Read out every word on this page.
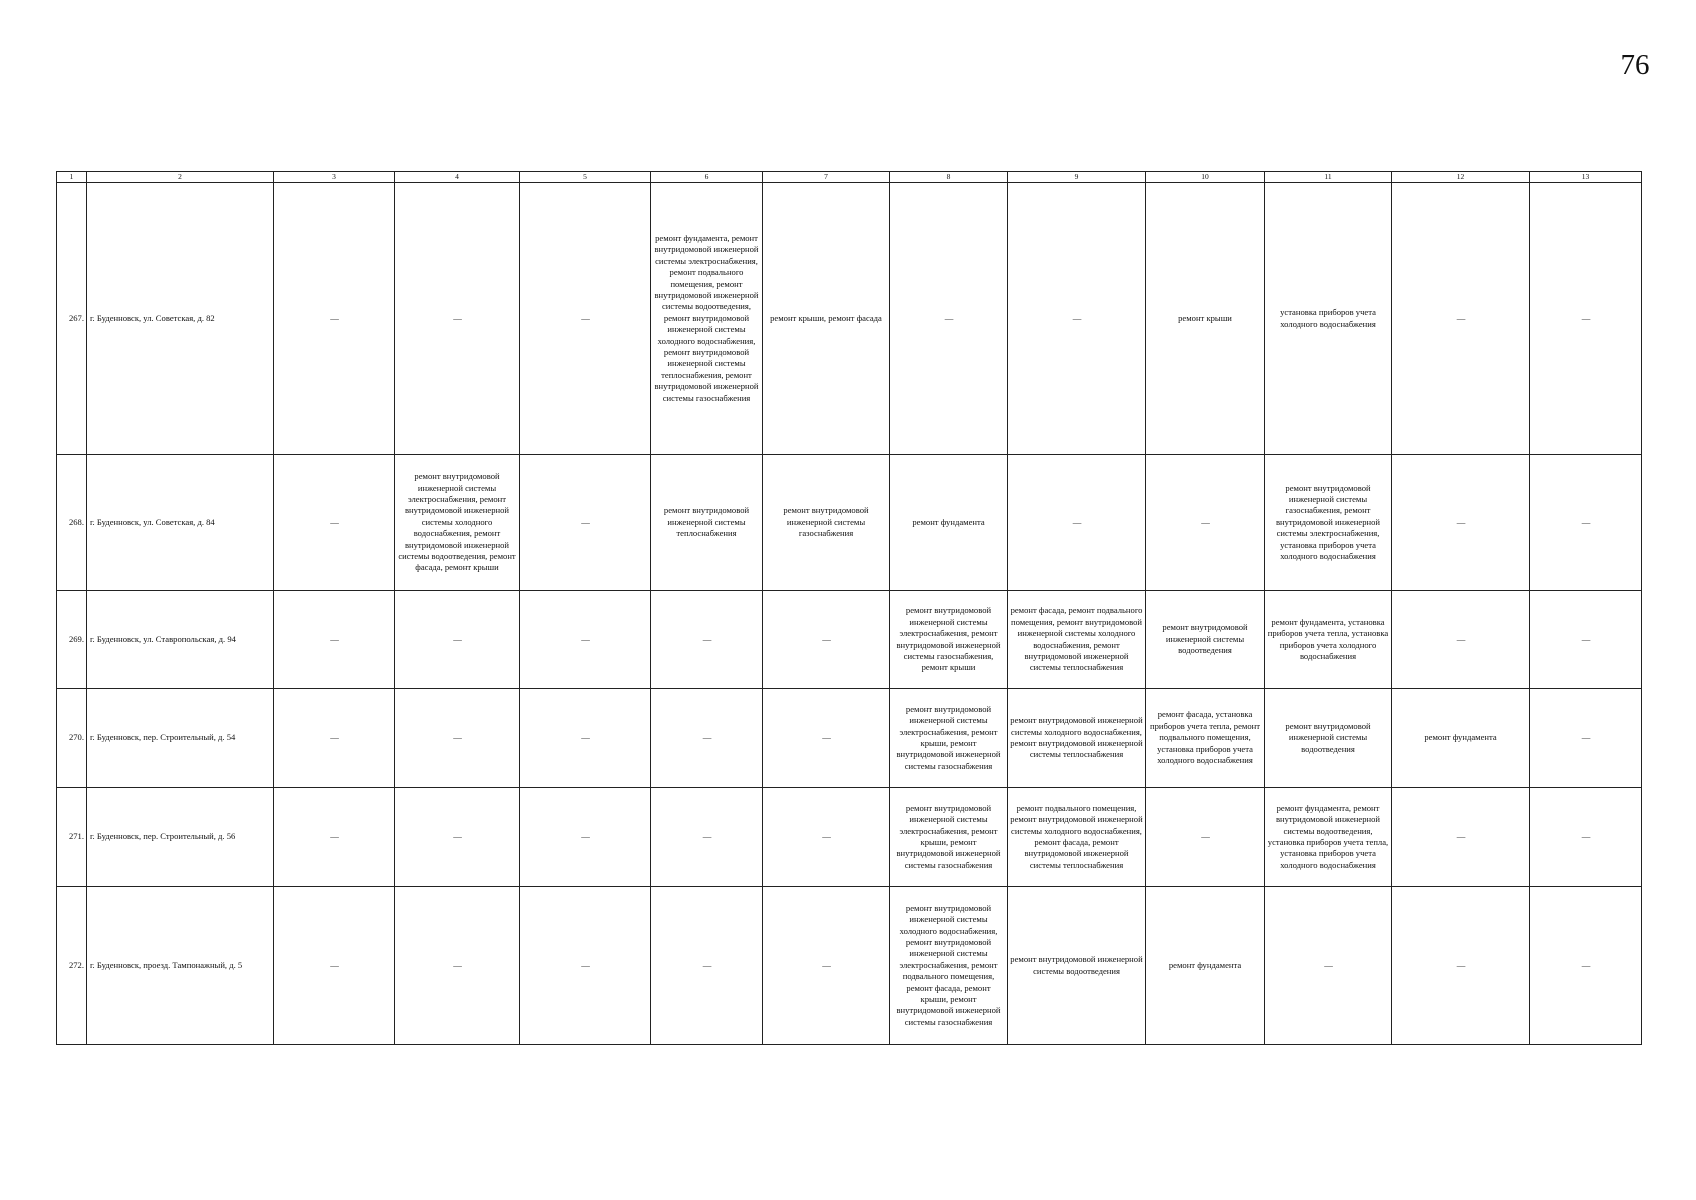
76
1	2	3	4	5	6	7	8	9	10	11	12	13
267.	г. Буденновск, ул. Советская, д. 82	—	—	—	ремонт фундамента, ремонт внутридомовой инженерной системы электроснабжения, ремонт подвального помещения, ремонт внутридомовой инженерной системы водоотведения, ремонт внутридомовой инженерной системы холодного водоснабжения, ремонт внутридомовой инженерной системы теплоснабжения, ремонт внутридомовой инженерной системы газоснабжения	ремонт крыши, ремонт фасада	—	—	ремонт крыши	установка приборов учета холодного водоснабжения	—	—
268.	г. Буденновск, ул. Советская, д. 84	—	ремонт внутридомовой инженерной системы электроснабжения, ремонт внутридомовой инженерной системы холодного водоснабжения, ремонт внутридомовой инженерной системы водоотведения, ремонт фасада, ремонт крыши	—	ремонт внутридомовой инженерной системы теплоснабжения	ремонт внутридомовой инженерной системы газоснабжения	ремонт фундамента	—	—	ремонт внутридомовой инженерной системы газоснабжения, ремонт внутридомовой инженерной системы электроснабжения, установка приборов учета холодного водоснабжения	—	—
269.	г. Буденновск, ул. Ставропольская, д. 94	—	—	—	—	—	ремонт внутридомовой инженерной системы электроснабжения, ремонт внутридомовой инженерной системы газоснабжения, ремонт крыши	ремонт фасада, ремонт подвального помещения, ремонт внутридомовой инженерной системы холодного водоснабжения, ремонт внутридомовой инженерной системы теплоснабжения	ремонт внутридомовой инженерной системы водоотведения	ремонт фундамента, установка приборов учета тепла, установка приборов учета холодного водоснабжения	—	—
270.	г. Буденновск, пер. Строительный, д. 54	—	—	—	—	—	ремонт внутридомовой инженерной системы электроснабжения, ремонт крыши, ремонт внутридомовой инженерной системы газоснабжения	ремонт внутридомовой инженерной системы холодного водоснабжения, ремонт внутридомовой инженерной системы теплоснабжения	ремонт фасада, установка приборов учета тепла, ремонт подвального помещения, установка приборов учета холодного водоснабжения	ремонт внутридомовой инженерной системы водоотведения	ремонт фундамента	—
271.	г. Буденновск, пер. Строительный, д. 56	—	—	—	—	—	ремонт внутридомовой инженерной системы электроснабжения, ремонт крыши, ремонт внутридомовой инженерной системы газоснабжения	ремонт подвального помещения, ремонт внутридомовой инженерной системы холодного водоснабжения, ремонт фасада, ремонт внутридомовой инженерной системы теплоснабжения	—	ремонт фундамента, ремонт внутридомовой инженерной системы водоотведения, установка приборов учета тепла, установка приборов учета холодного водоснабжения	—	—
272.	г. Буденновск, проезд. Тампонажный, д. 5	—	—	—	—	—	ремонт внутридомовой инженерной системы холодного водоснабжения, ремонт внутридомовой инженерной системы электроснабжения, ремонт подвального помещения, ремонт фасада, ремонт крыши, ремонт внутридомовой инженерной системы газоснабжения	ремонт внутридомовой инженерной системы водоотведения	ремонт фундамента	—	—	—
